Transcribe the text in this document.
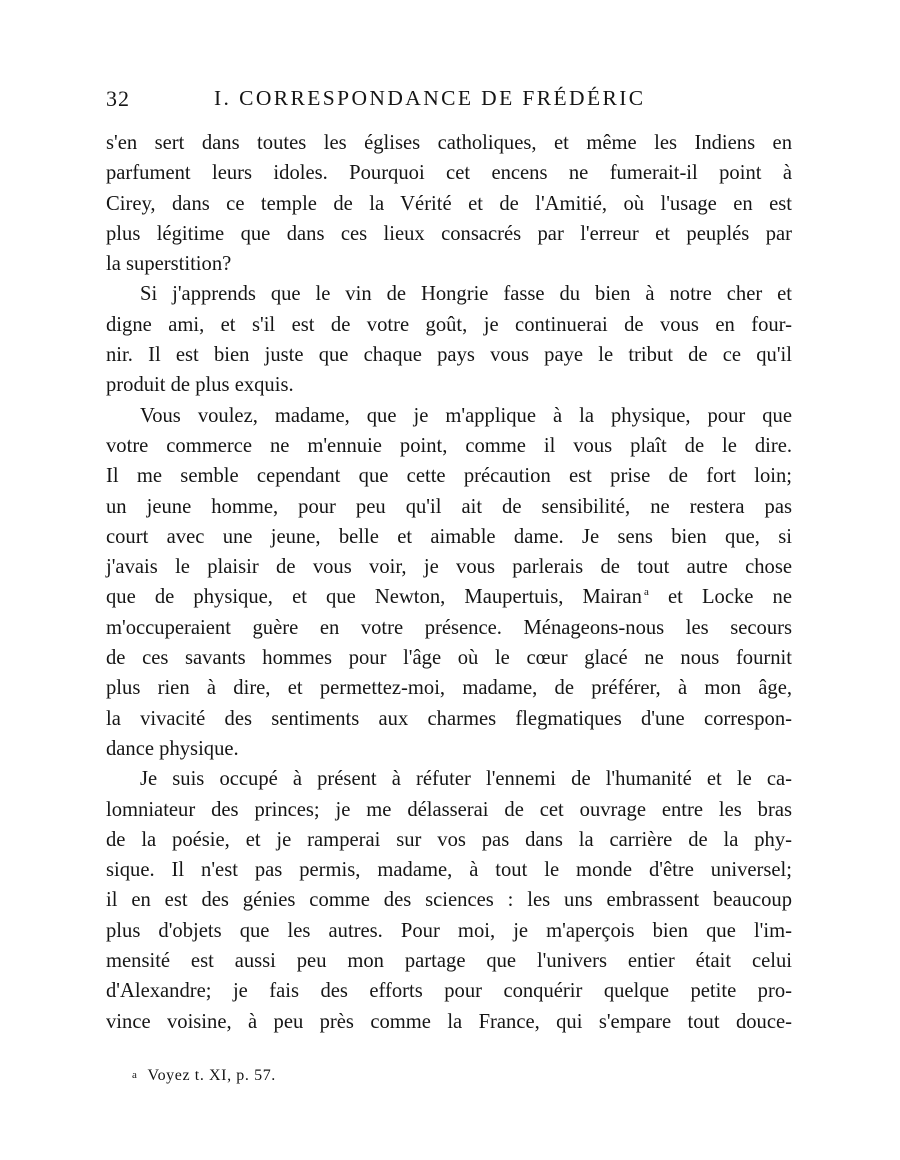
32	I. CORRESPONDANCE DE FRÉDÉRIC
s'en sert dans toutes les églises catholiques, et même les Indiens en
parfument leurs idoles. Pourquoi cet encens ne fumerait-il point à
Cirey, dans ce temple de la Vérité et de l'Amitié, où l'usage en est
plus légitime que dans ces lieux consacrés par l'erreur et peuplés par
la superstition?
Si j'apprends que le vin de Hongrie fasse du bien à notre cher et
digne ami, et s'il est de votre goût, je continuerai de vous en four-
nir. Il est bien juste que chaque pays vous paye le tribut de ce qu'il
produit de plus exquis.
Vous voulez, madame, que je m'applique à la physique, pour que
votre commerce ne m'ennuie point, comme il vous plaît de le dire.
Il me semble cependant que cette précaution est prise de fort loin;
un jeune homme, pour peu qu'il ait de sensibilité, ne restera pas
court avec une jeune, belle et aimable dame. Je sens bien que, si
j'avais le plaisir de vous voir, je vous parlerais de tout autre chose
que de physique, et que Newton, Maupertuis, Mairan $^a$ et Locke ne
m'occuperaient guère en votre présence. Ménageons-nous les secours
de ces savants hommes pour l'âge où le cœur glacé ne nous fournit
plus rien à dire, et permettez-moi, madame, de préférer, à mon âge,
la vivacité des sentiments aux charmes flegmatiques d'une correspon-
dance physique.
Je suis occupé à présent à réfuter l'ennemi de l'humanité et le ca-
lomniateur des princes; je me délasserai de cet ouvrage entre les bras
de la poésie, et je ramperai sur vos pas dans la carrière de la phy-
sique. Il n'est pas permis, madame, à tout le monde d'être universel;
il en est des génies comme des sciences : les uns embrassent beaucoup
plus d'objets que les autres. Pour moi, je m'aperçois bien que l'im-
mensité est aussi peu mon partage que l'univers entier était celui
d'Alexandre; je fais des efforts pour conquérir quelque petite pro-
vince voisine, à peu près comme la France, qui s'empare tout douce-
a Voyez t. XI, p. 57.
